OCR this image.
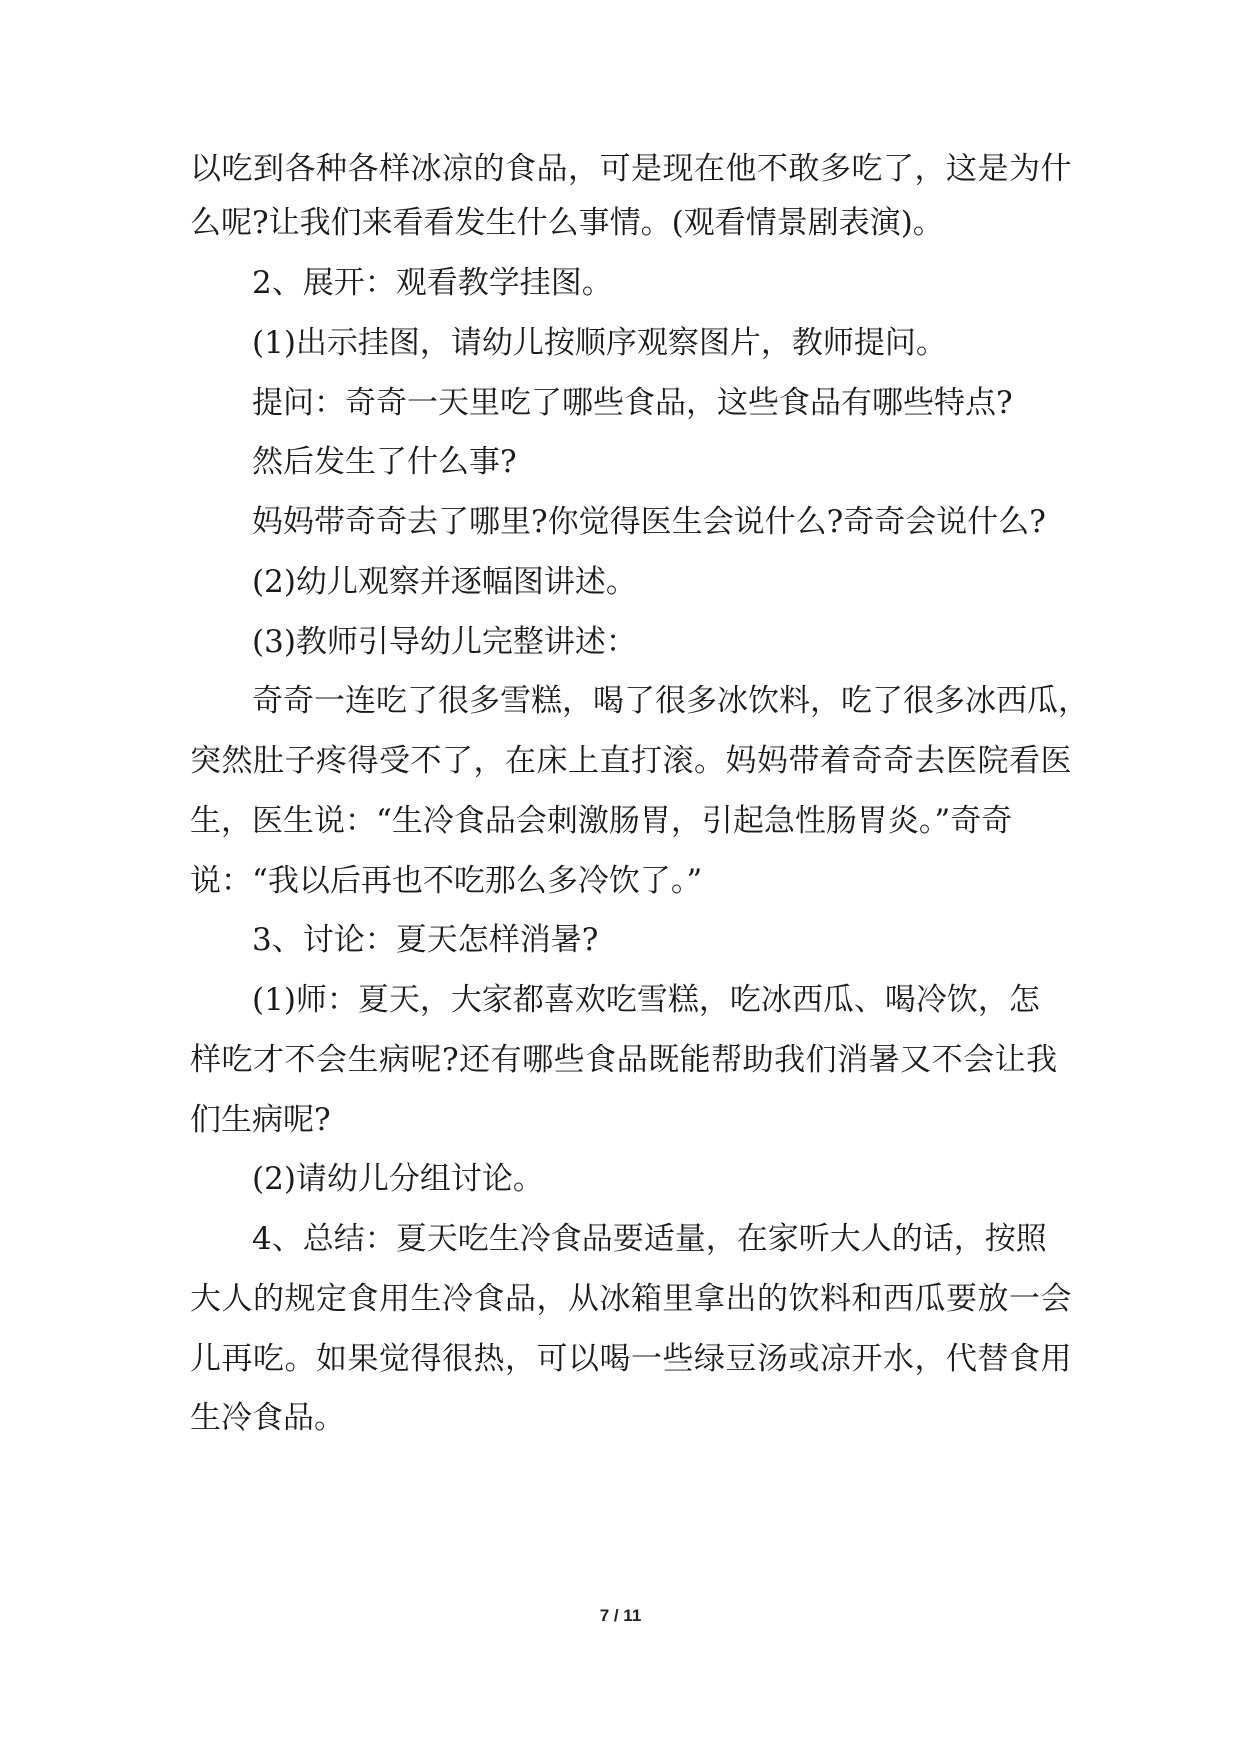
以吃到各种各样冰凉的食品，可是现在他不敢多吃了，这是为什
么呢?让我们来看看发生什么事情。(观看情景剧表演)。
2、展开：观看教学挂图。
(1)出示挂图，请幼儿按顺序观察图片，教师提问。
提问：奇奇一天里吃了哪些食品，这些食品有哪些特点?
然后发生了什么事?
妈妈带奇奇去了哪里?你觉得医生会说什么?奇奇会说什么?
(2)幼儿观察并逐幅图讲述。
(3)教师引导幼儿完整讲述：
奇奇一连吃了很多雪糕，喝了很多冰饮料，吃了很多冰西瓜，
突然肚子疼得受不了，在床上直打滚。妈妈带着奇奇去医院看医
生，医生说：“生冷食品会刺激肠胃，引起急性肠胃炎。”奇奇
说：“我以后再也不吃那么多冷饮了。”
3、讨论：夏天怎样消暑?
(1)师：夏天，大家都喜欢吃雪糕，吃冰西瓜、喝冷饮，怎
样吃才不会生病呢?还有哪些食品既能帮助我们消暑又不会让我
们生病呢?
(2)请幼儿分组讨论。
4、总结：夏天吃生冷食品要适量，在家听大人的话，按照
大人的规定食用生冷食品，从冰箱里拿出的饮料和西瓜要放一会
儿再吃。如果觉得很热，可以喝一些绿豆汤或凉开水，代替食用
生冷食品。
7 / 11
